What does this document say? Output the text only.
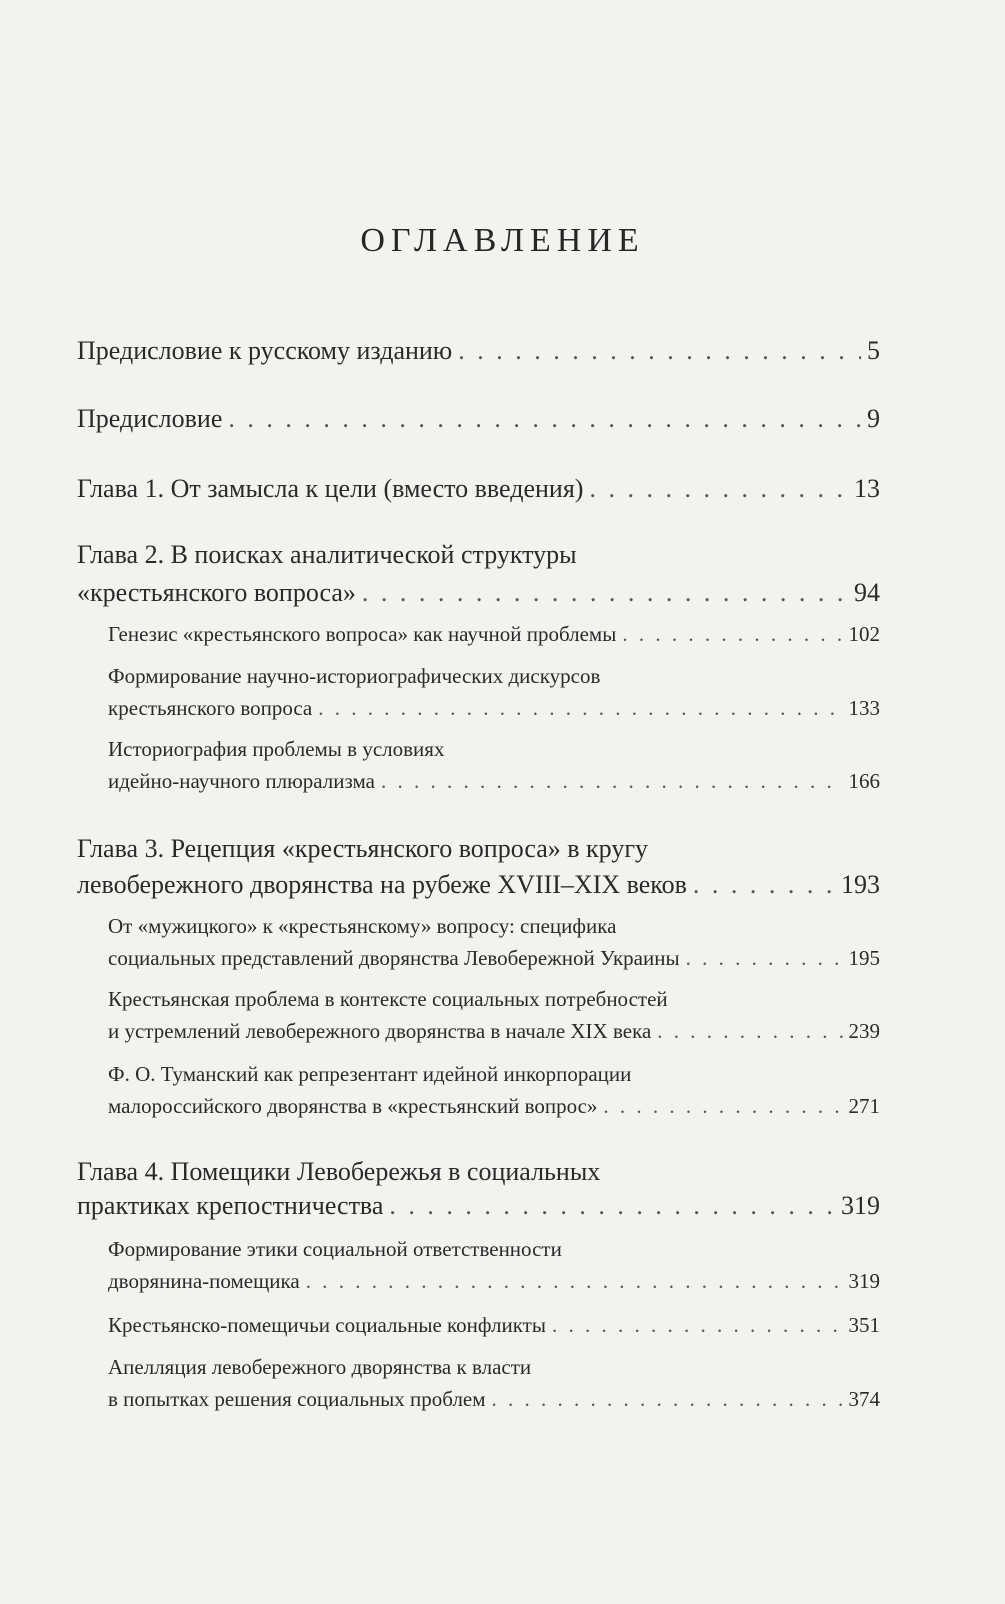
ОГЛАВЛЕНИЕ
Предисловие к русскому изданию . . .	5
Предисловие . . .	9
Глава 1. От замысла к цели (вместо введения) . . .	13
Глава 2. В поисках аналитической структуры
«крестьянского вопроса» . . .	94
Генезис «крестьянского вопроса» как научной проблемы . . .	102
Формирование научно-историографических дискурсов
крестьянского вопроса . . .	133
Историография проблемы в условиях
идейно-научного плюрализма . . .	166
Глава 3. Рецепция «крестьянского вопроса» в кругу
левобережного дворянства на рубеже XVIII–XIX веков . . .	193
От «мужицкого» к «крестьянскому» вопросу: специфика
социальных представлений дворянства Левобережной Украины . . .	195
Крестьянская проблема в контексте социальных потребностей
и устремлений левобережного дворянства в начале XIX века . . .	239
Ф. О. Туманский как репрезентант идейной инкорпорации
малороссийского дворянства в «крестьянский вопрос» . . .	271
Глава 4. Помещики Левобережья в социальных
практиках крепостничества . . .	319
Формирование этики социальной ответственности
дворянина-помещика . . .	319
Крестьянско-помещичьи социальные конфликты . . .	351
Апелляция левобережного дворянства к власти
в попытках решения социальных проблем . . .	374
